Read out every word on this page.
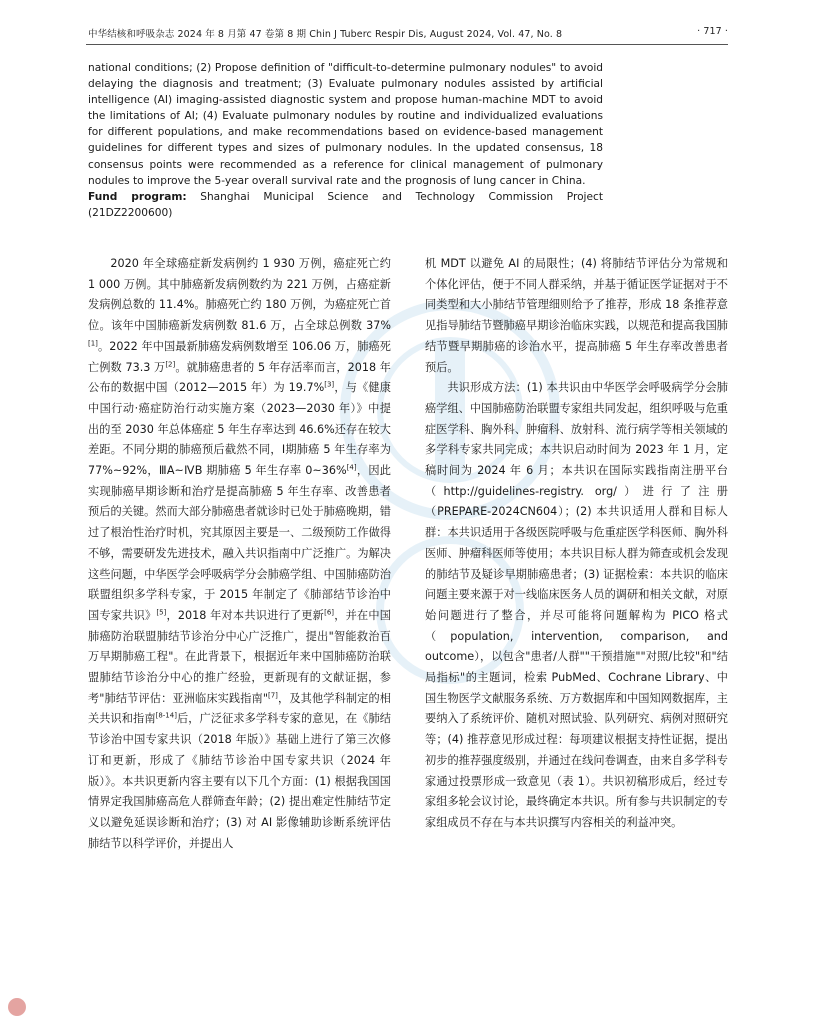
中华结核和呼吸杂志 2024 年 8 月第 47 卷第 8 期 Chin J Tuberc Respir Dis, August 2024, Vol. 47, No. 8	· 717 ·

national conditions; (2) Propose definition of "difficult-to-determine pulmonary nodules" to avoid delaying the diagnosis and treatment; (3) Evaluate pulmonary nodules assisted by artificial intelligence (AI) imaging-assisted diagnostic system and propose human-machine MDT to avoid the limitations of AI; (4) Evaluate pulmonary nodules by routine and individualized evaluations for different populations, and make recommendations based on evidence-based management guidelines for different types and sizes of pulmonary nodules. In the updated consensus, 18 consensus points were recommended as a reference for clinical management of pulmonary nodules to improve the 5-year overall survival rate and the prognosis of lung cancer in China.

Fund program: Shanghai Municipal Science and Technology Commission Project (21DZ2200600)

2020 年全球癌症新发病例约 1 930 万例，癌症死亡约 1 000 万例。其中肺癌新发病例数约为 221 万例，占癌症新发病例总数的 11.4%。肺癌死亡约 180 万例，为癌症死亡首位。该年中国肺癌新发病例数 81.6 万，占全球总例数 37%[1]。2022 年中国最新肺癌发病例数增至 106.06 万，肺癌死亡例数 73.3 万[2]。就肺癌患者的 5 年存活率而言，2018 年公布的数据中国（2012—2015 年）为 19.7%[3]，与《健康中国行动·癌症防治行动实施方案（2023—2030 年）》中提出的至 2030 年总体癌症 5 年生存率达到 46.6%还存在较大差距。不同分期的肺癌预后截然不同，Ⅰ期肺癌 5 年生存率为 77%~92%，ⅢA~ⅣB 期肺癌 5 年生存率 0~36%[4]，因此实现肺癌早期诊断和治疗是提高肺癌 5 年生存率、改善患者预后的关键。然而大部分肺癌患者就诊时已处于肺癌晚期，错过了根治性治疗时机，究其原因主要是一、二级预防工作做得不够，需要研发先进技术，融入共识指南中广泛推广。为解决这些问题，中华医学会呼吸病学分会肺癌学组、中国肺癌防治联盟组织多学科专家，于 2015 年制定了《肺部结节诊治中国专家共识》[5]，2018 年对本共识进行了更新[6]，并在中国肺癌防治联盟肺结节诊治分中心广泛推广，提出"智能救治百万早期肺癌工程"。在此背景下，根据近年来中国肺癌防治联盟肺结节诊治分中心的推广经验，更新现有的文献证据，参考"肺结节评估：亚洲临床实践指南"[7]，及其他学科制定的相关共识和指南[8-14]后，广泛征求多学科专家的意见，在《肺结节诊治中国专家共识（2018 年版）》基础上进行了第三次修订和更新，形成了《肺结节诊治中国专家共识（2024 年版）》。本共识更新内容主要有以下几个方面：(1) 根据我国国情界定我国肺癌高危人群筛查年龄；(2) 提出难定性肺结节定义以避免延误诊断和治疗；(3) 对 AI 影像辅助诊断系统评估肺结节以科学评价，并提出人

机 MDT 以避免 AI 的局限性；(4) 将肺结节评估分为常规和个体化评估，便于不同人群采纳，并基于循证医学证据对于不同类型和大小肺结节管理细则给予了推荐，形成 18 条推荐意见指导肺结节暨肺癌早期诊治临床实践，以规范和提高我国肺结节暨早期肺癌的诊治水平，提高肺癌 5 年生存率改善患者预后。

共识形成方法：(1) 本共识由中华医学会呼吸病学分会肺癌学组、中国肺癌防治联盟专家组共同发起，组织呼吸与危重症医学科、胸外科、肿瘤科、放射科、流行病学等相关领域的多学科专家共同完成；本共识启动时间为 2023 年 1 月，定稿时间为 2024 年 6 月；本共识在国际实践指南注册平台（http://guidelines-registry. org/）进行了注册（PREPARE-2024CN604）；(2) 本共识适用人群和目标人群：本共识适用于各级医院呼吸与危重症医学科医师、胸外科医师、肿瘤科医师等使用；本共识目标人群为筛查或机会发现的肺结节及疑诊早期肺癌患者；(3) 证据检索：本共识的临床问题主要来源于对一线临床医务人员的调研和相关文献，对原始问题进行了整合，并尽可能将问题解构为 PICO 格式（population, intervention, comparison, and outcome），以包含"患者/人群""干预措施""对照/比较"和"结局指标"的主题词，检索 PubMed、Cochrane Library、中国生物医学文献服务系统、万方数据库和中国知网数据库，主要纳入了系统评价、随机对照试验、队列研究、病例对照研究等；(4) 推荐意见形成过程：每项建议根据支持性证据，提出初步的推荐强度级别，并通过在线问卷调查，由来自多学科专家通过投票形成一致意见（表 1）。共识初稿形成后，经过专家组多轮会议讨论，最终确定本共识。所有参与共识制定的专家组成员不存在与本共识撰写内容相关的利益冲突。
